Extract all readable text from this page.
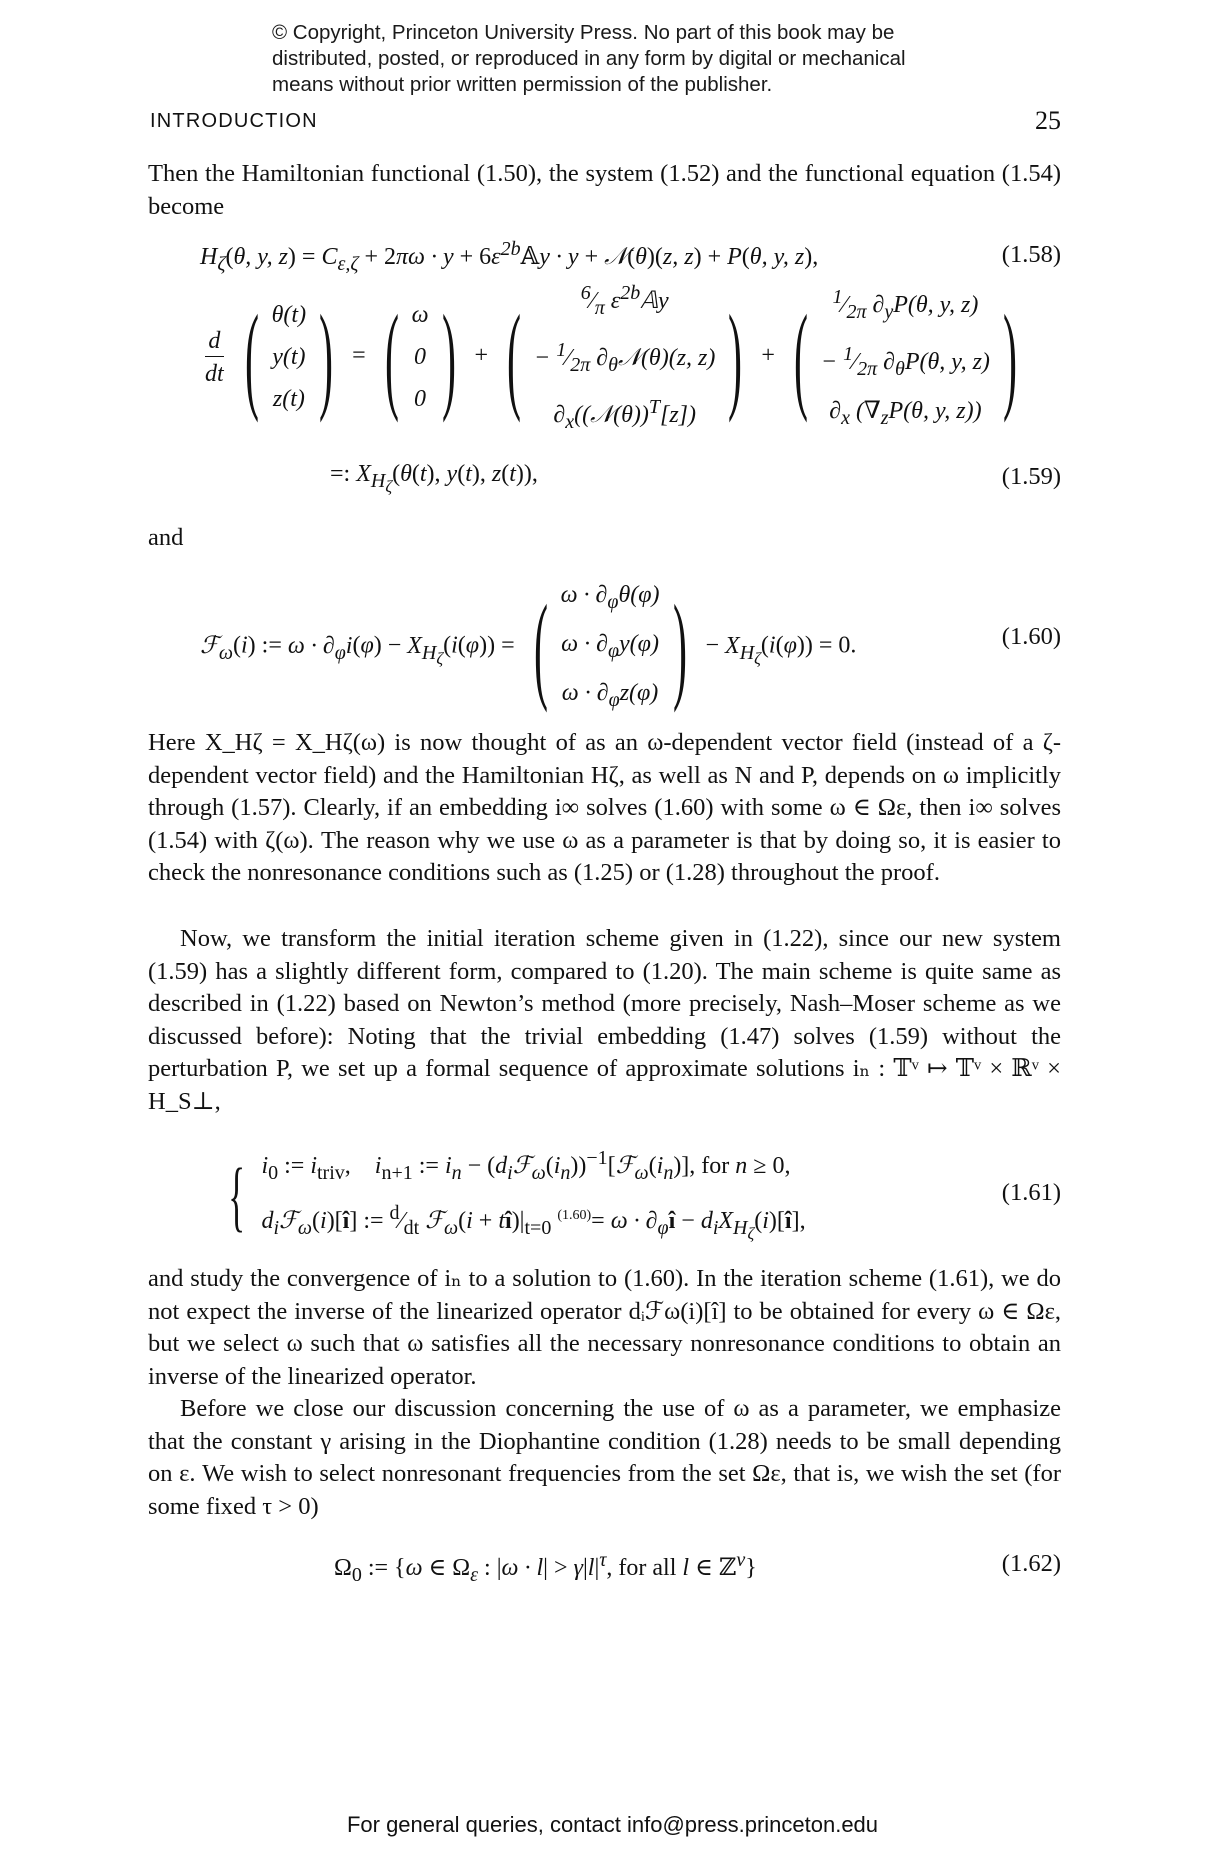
© Copyright, Princeton University Press. No part of this book may be
distributed, posted, or reproduced in any form by digital or mechanical
means without prior written permission of the publisher.
INTRODUCTION	25
Then the Hamiltonian functional (1.50), the system (1.52) and the functional equation (1.54) become
$H_\zeta(\theta$, y, $z) = C_{\varepsilon,\zeta} + 2\pi\omega \cdot y$ + $6\varepsilon^{2b}𝔸y \cdot y$ + 𝒩(θ)(z, z) + P(θ, y, z),	(1.58)
$\frac{d}{dt}$ ( θ(t)
y(t)
z(t) ) = ( ω
0
0 ) + (	$^6⁄_\pi$ $\varepsilon^{2b}𝔸y$
− $^1⁄_{2\pi}$ $\partial_\theta 𝒩(\theta)(z$, z)
$\partial_x((𝒩(\theta))^T[z])$ ) + ( $^1⁄_{2\pi}$ $\partial_yP(\theta$, y, z)
− $^1⁄_{2\pi}$ $\partial_\theta P(\theta$, y, z)
$\partial_x$ ($\nabla_zP(\theta$, y, z)) )
=: $X_{H_\zeta}(\theta(t)$, y(t), z(t)),	(1.59)
and
ℱ$_\omega$(i) := $\omega \cdot \partial_\varphi i(\varphi) - X_{H_\zeta}(i(\varphi))$ = ( $\omega \cdot \partial_\varphi\theta(\varphi)$
$\omega \cdot \partial_\varphi y(\varphi)$
$\omega \cdot \partial_\varphi z(\varphi)$ ) − $X_{H_\zeta}(i(\varphi)) = 0$.	(1.60)
Here X_Hζ = X_Hζ(ω) is now thought of as an ω-dependent vector field (instead of a ζ-dependent vector field) and the Hamiltonian Hζ, as well as N and P, depends on ω implicitly through (1.57). Clearly, if an embedding i∞ solves (1.60) with some ω ∈ Ωε, then i∞ solves (1.54) with ζ(ω). The reason why we use ω as a parameter is that by doing so, it is easier to check the nonresonance conditions such as (1.25) or (1.28) throughout the proof.
Now, we transform the initial iteration scheme given in (1.22), since our new system (1.59) has a slightly different form, compared to (1.20). The main scheme is quite same as described in (1.22) based on Newton’s method (more precisely, Nash–Moser scheme as we discussed before): Noting that the trivial embedding (1.47) solves (1.59) without the perturbation P, we set up a formal sequence of approximate solutions iₙ : 𝕋ᵛ ↦ 𝕋ᵛ × ℝᵛ × H_S⊥,
{ $i_0$ := $i_{triv}$,    $i_{n+1}$ := $i_n$ − $(d_iℱ_\omega(i_n))^{-1}[ℱ_\omega(i_n)]$, for n ≥ 0,
$d_iℱ_\omega(i)[î]$ := $^d⁄_{dt}$ ℱ$_\omega$(i + $tî)|_{t=0}$ $^{(1.60)}= \omega \cdot \partial_\varphi î$ − $d_iX_{H_\zeta}(i)[î]$,
(1.61)
and study the convergence of iₙ to a solution to (1.60). In the iteration scheme (1.61), we do not expect the inverse of the linearized operator dᵢℱω(i)[î] to be obtained for every ω ∈ Ωε, but we select ω such that ω satisfies all the necessary nonresonance conditions to obtain an inverse of the linearized operator.
Before we close our discussion concerning the use of ω as a parameter, we emphasize that the constant γ arising in the Diophantine condition (1.28) needs to be small depending on ε. We wish to select nonresonant frequencies from the set Ωε, that is, we wish the set (for some fixed τ > 0)
$\Omega_0$ := {ω ∈ $\Omega_\varepsilon$ : $|\omega \cdot l| > \gamma|l|^\tau$, for all l ∈ ℤ$^\nu$}	(1.62)
For general queries, contact info@press.princeton.edu
